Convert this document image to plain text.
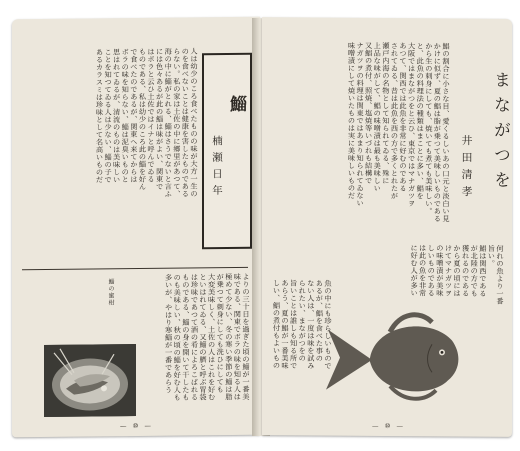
人は幼少のころ食べたものの味が大方一生の
のを食べないことは健康を害したものである
らない。私の家は土佐の中に郷里があつて、
海の中に鯔がとれる、鯔はさうでないと言ふ
には色々あるが此の鯔は味がよい、関東で
はボラと云ひ土佐ではイナと呼んでゐる
ものである、私は幼少のころ此の鯔を好ん
で食べたのであるが、関東へ来てからは
ボラの味を知らない、鯔は泥臭いものと
思はれてゐるが、清流のものは美味しい
ことを知つてゐる人は少ない、鯔の子で
あるカラスミは珍味として名高いものだ	鯔
楠瀬日年
よりの三十日を過ぎた頃の鯔が一番美
味である、関東でボラの味を知る人は
極めて少ない、冬の寒い季節の鯔は脂
が乗つて刺身にしても洗ひにしても
大変美味しく、土佐の人はこれを好む
といはれてゐる、又鯔の臍と呼ぶ胃袋
は珍味であつて酒の肴によろこばれる
ものである、鯔の身を開いて干したも
のも美味しい、秋の頃の鯔を好む人も
多いが、やはり寒鯔が一番であらう
鯔の蜜柑
— ⑩ —
まながつを
井田清孝
鯧の割合に小さな目、愛くるしいあの口元と淡白い見
かけに似ず、夏の鯧は脂が乗つて美味しいものである
から生の刺身にしても、焼いても煮ても美味しい。
と、此魚の料理法の種類はまことに多い、鯧を
大阪ではまながつをと云ひ、東京ではマナガツヲ
あつて、関西では此魚を非常に好むのである
されてゐる、昔は此魚を西の方で多くとれたが
瀬戸内海の名物として知られてゐる、殊に
上品な味がして、鯧の味噌漬は最も美味しい
又鯧の煮付、照焼、塩焼等いづれも結構で
ナガツヲの料理は関東ではあまり知られてゐない
味噌漬にして焼いたものは実に美味しいものだ
何れの魚より一番
旨い。
鯧は関西である
が北陸の方でも
獲れるのである
から夏の頃には
けてマナガツヲ
の味噌漬が美味
しいものである
は此の魚を非常
に好む人が多い
魚の中にも珍らしいもので
あるが、鯧を食べた事の
ない人は、一度は味を試み
られたい、まながつをの
旨いことは誰しも知る所で
あらう、夏の鯧が一番美味
しい、鯧の煮付もよいもの
— ⑩ —
